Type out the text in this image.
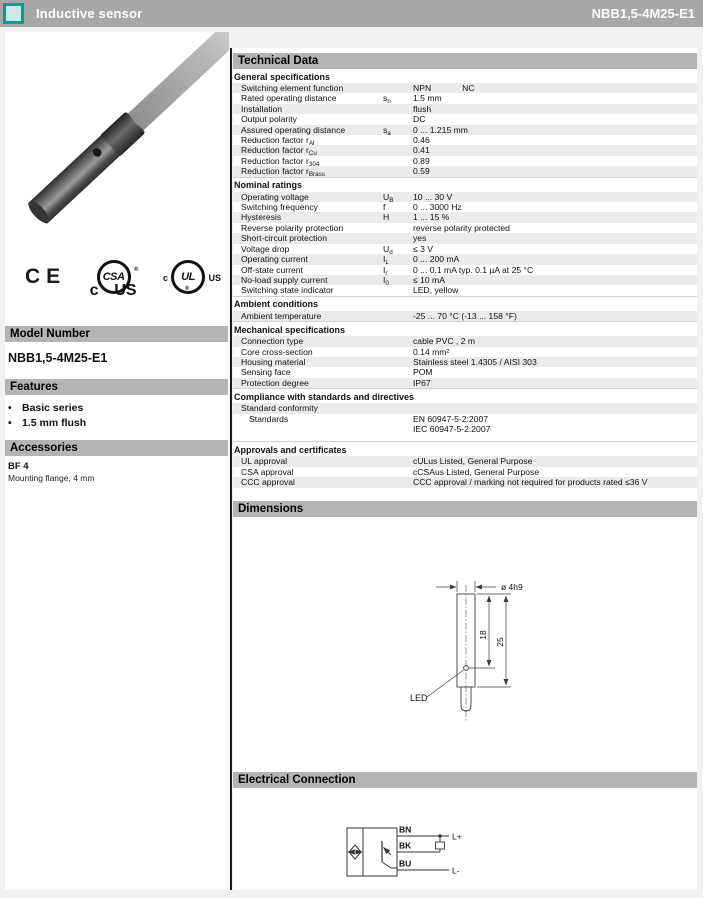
Inductive sensor	NBB1,5-4M25-E1
CE	CSA
c US
®
UL
c	US
®
Model Number
NBB1,5-4M25-E1
Features
• Basic series
• 1.5 mm flush
Accessories
BF 4
Mounting flange, 4 mm
Technical Data
General specifications
Switching element function	NPN	NC
Rated operating distance	$s_n$	1.5 mm
Installation	flush
Output polarity	DC
Assured operating distance	$s_a$	0 ... 1.215 mm
Reduction factor $r_{Al}$	0.46
Reduction factor $r_{Cu}$	0.41
Reduction factor $r_{304}$	0.89
Reduction factor $r_{Brass}$	0.59
Nominal ratings
Operating voltage	$U_B$	10 ... 30 V
Switching frequency	f	0 ... 3000 Hz
Hysteresis	H	1 ... 15 %
Reverse polarity protection	reverse polarity protected
Short-circuit protection	yes
Voltage drop	$U_d$	≤ 3 V
Operating current	$I_L$	0 ... 200 mA
Off-state current	$I_r$	0 ... 0.1 mA typ. 0.1 µA at 25 °C
No-load supply current	$I_0$	≤ 10 mA
Switching state indicator	LED, yellow
Ambient conditions
Ambient temperature	-25 ... 70 °C (-13 ... 158 °F)
Mechanical specifications
Connection type	cable PVC , 2 m
Core cross-section	0.14 mm²
Housing material	Stainless steel 1.4305 / AISI 303
Sensing face	POM
Protection degree	IP67
Compliance with standards and directives
Standard conformity
Standards	EN 60947-5-2:2007
IEC 60947-5-2:2007
Approvals and certificates
UL approval	cULus Listed, General Purpose
CSA approval	cCSAus Listed, General Purpose
CCC approval	CCC approval / marking not required for products rated ≤36 V
Dimensions
ø 4h9
18
25
LED
Electrical Connection
BN
L+
BK
BU
L-
